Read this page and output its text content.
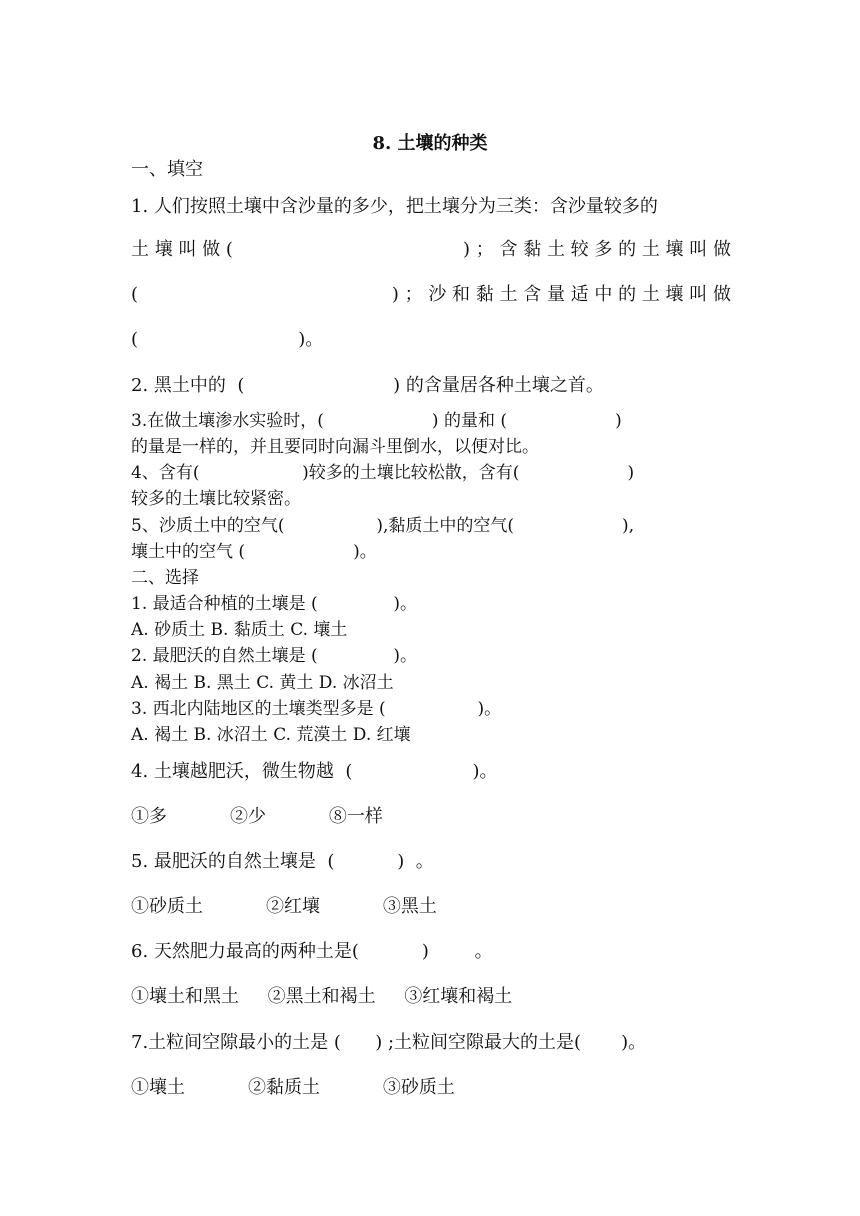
8. 土壤的种类
一、填空
1. 人们按照土壤中含沙量的多少，把土壤分为三类：含沙量较多的
土 壤 叫 做 (	) ； 含 黏 土 较 多 的 土 壤 叫 做
(	) ； 沙 和 黏 土 含 量 适 中 的 土 壤 叫 做
(                            )。
2. 黑土中的  (                          ) 的含量居各种土壤之首。
3.在做土壤渗水实验时，(                    ) 的量和 (                    )
的量是一样的，并且要同时向漏斗里倒水，以便对比。
4、含有(                   )较多的土壤比较松散，含有(                    )
较多的土壤比较紧密。
5、沙质土中的空气(                 ),黏质土中的空气(                    ),
壤土中的空气 (                    )。
二、选择
1. 最适合种植的土壤是 (              )。
A. 砂质土 B. 黏质土 C. 壤土
2. 最肥沃的自然土壤是 (              )。
A. 褐土 B. 黑土 C. 黄土 D. 冰沼土
3. 西北内陆地区的土壤类型多是 (                 )。
A. 褐土 B. 冰沼土 C. 荒漠土 D. 红壤
4. 土壤越肥沃，微生物越  (                     )。
①多           ②少           ⑧一样
5. 最肥沃的自然土壤是  (           )  。
①砂质土           ②红壤           ③黑土
6. 天然肥力最高的两种土是(           )        。
①壤土和黑土     ②黑土和褐土     ③红壤和褐土
7.土粒间空隙最小的土是 (      ) ;土粒间空隙最大的土是(       )。
①壤土           ②黏质土           ③砂质土
